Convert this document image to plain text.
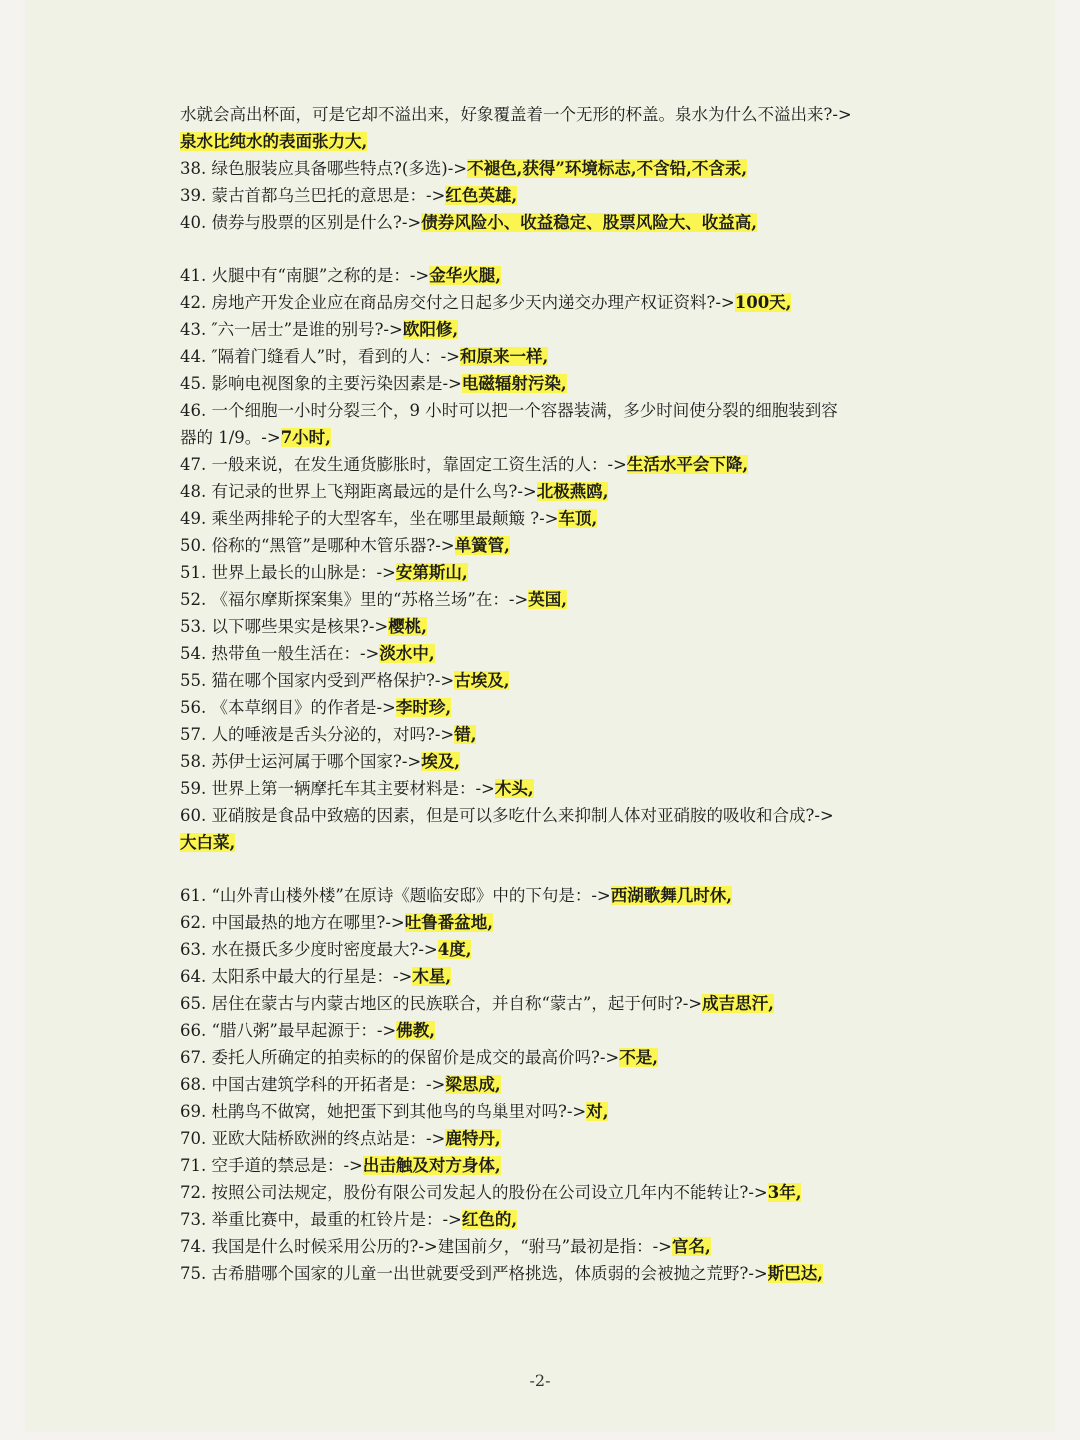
水就会高出杯面，可是它却不溢出来，好象覆盖着一个无形的杯盖。泉水为什么不溢出来?->
泉水比纯水的表面张力大,
38. 绿色服装应具备哪些特点?(多选)->不褪色,获得”环境标志,不含铅,不含汞,
39. 蒙古首都乌兰巴托的意思是：->红色英雄,
40. 债券与股票的区别是什么?->债券风险小、收益稳定、股票风险大、收益高,
41. 火腿中有“南腿”之称的是：->金华火腿,
42. 房地产开发企业应在商品房交付之日起多少天内递交办理产权证资料?->100天,
43. ″六一居士”是谁的别号?->欧阳修,
44. ″隔着门缝看人”时，看到的人：->和原来一样,
45. 影响电视图象的主要污染因素是->电磁辐射污染,
46. 一个细胞一小时分裂三个，9 小时可以把一个容器装满，多少时间使分裂的细胞装到容
器的 1/9。->7小时,
47. 一般来说，在发生通货膨胀时，靠固定工资生活的人：->生活水平会下降,
48. 有记录的世界上飞翔距离最远的是什么鸟?->北极燕鸥,
49. 乘坐两排轮子的大型客车，坐在哪里最颠簸 ?->车顶,
50. 俗称的“黑管”是哪种木管乐器?->单簧管,
51. 世界上最长的山脉是：->安第斯山,
52. 《福尔摩斯探案集》里的“苏格兰场”在：->英国,
53. 以下哪些果实是核果?->樱桃,
54. 热带鱼一般生活在：->淡水中,
55. 猫在哪个国家内受到严格保护?->古埃及,
56. 《本草纲目》的作者是->李时珍,
57. 人的唾液是舌头分泌的，对吗?->错,
58. 苏伊士运河属于哪个国家?->埃及,
59. 世界上第一辆摩托车其主要材料是：->木头,
60. 亚硝胺是食品中致癌的因素，但是可以多吃什么来抑制人体对亚硝胺的吸收和合成?->
大白菜,
61. “山外青山楼外楼”在原诗《题临安邸》中的下句是：->西湖歌舞几时休,
62. 中国最热的地方在哪里?->吐鲁番盆地,
63. 水在摄氏多少度时密度最大?->4度,
64. 太阳系中最大的行星是：->木星,
65. 居住在蒙古与内蒙古地区的民族联合，并自称“蒙古”，起于何时?->成吉思汗,
66. “腊八粥”最早起源于：->佛教,
67. 委托人所确定的拍卖标的的保留价是成交的最高价吗?->不是,
68. 中国古建筑学科的开拓者是：->梁思成,
69. 杜鹃鸟不做窝，她把蛋下到其他鸟的鸟巢里对吗?->对,
70. 亚欧大陆桥欧洲的终点站是：->鹿特丹,
71. 空手道的禁忌是：->出击触及对方身体,
72. 按照公司法规定，股份有限公司发起人的股份在公司设立几年内不能转让?->3年,
73. 举重比赛中，最重的杠铃片是：->红色的,
74. 我国是什么时候采用公历的?->建国前夕，“驸马”最初是指：->官名,
75. 古希腊哪个国家的儿童一出世就要受到严格挑选，体质弱的会被抛之荒野?->斯巴达,
-2-
